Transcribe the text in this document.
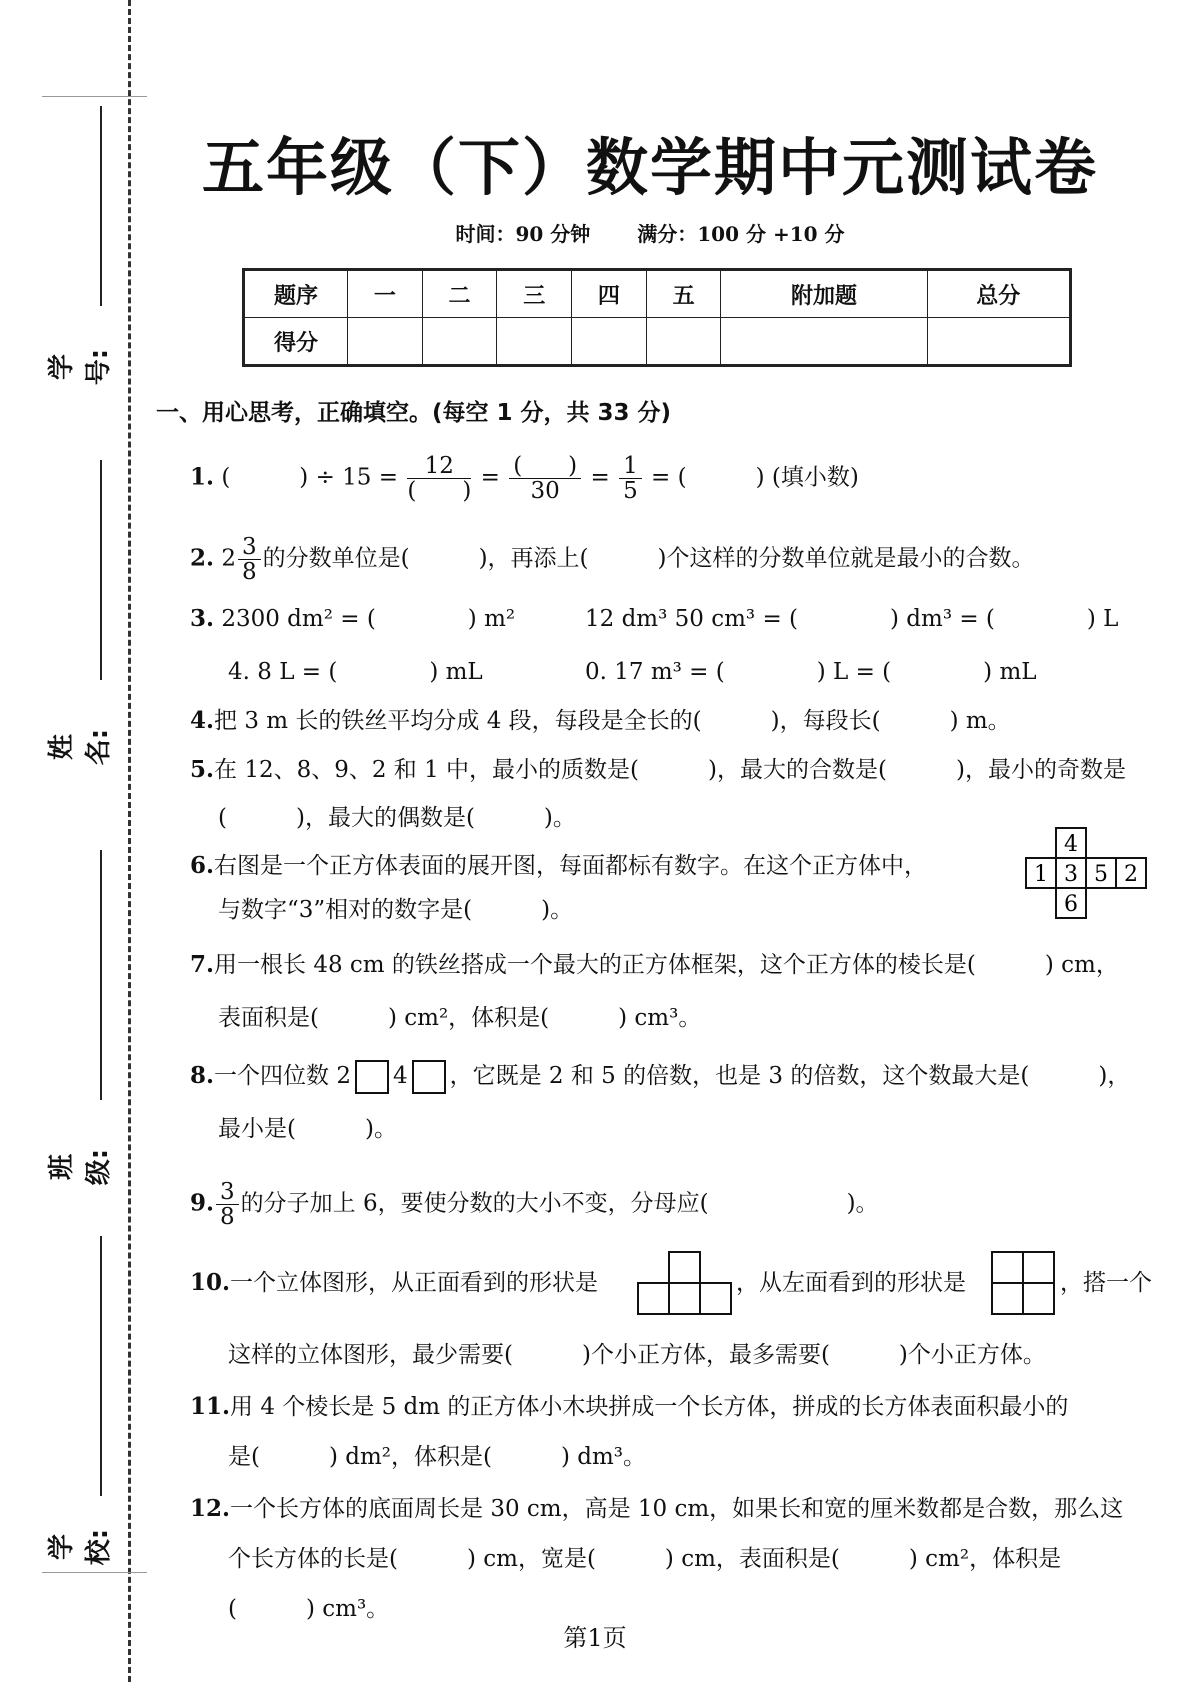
学号:
姓名:
班级:
学校:
五年级（下）数学期中元测试卷
时间：90 分钟 满分：100 分 +10 分
题序	一	二	三	四	五	附加题	总分
得分							
一、用心思考，正确填空。(每空 1 分，共 33 分)
1. (　　　) ÷ $15 = \frac{12}{( )} = \frac{( )}{30} = \frac{1}{5}$ = (　　　) (填小数)
2. $2 \frac{3}{8}$ 的分数单位是(　　　)，再添上(　　　)个这样的分数单位就是最小的合数。
3. 2300 dm² = (　　　　) m²	12 dm³ 50 cm³ = (　　　　) dm³ = (　　　　) L
4. 8 L = (　　　　) mL	0. 17 m³ = (　　　　) L = (　　　　) mL
4.把 3 m 长的铁丝平均分成 4 段，每段是全长的(　　　)，每段长(　　　) m。
5.在 12、8、9、2 和 1 中，最小的质数是(　　　)，最大的合数是(　　　)，最小的奇数是
(　　　)，最大的偶数是(　　　)。
6.右图是一个正方体表面的展开图，每面都标有数字。在这个正方体中，
与数字“3”相对的数字是(　　　)。
4
1 3 5 2
6
7.用一根长 48 cm 的铁丝搭成一个最大的正方体框架，这个正方体的棱长是(　　　) cm，
表面积是(　　　) cm²，体积是(　　　) cm³。
8.一个四位数 2 4 ，它既是 2 和 5 的倍数，也是 3 的倍数，这个数最大是(　　　)，
最小是(　　　)。
9. $\frac{3}{8}$ 的分子加上 6，要使分数的大小不变，分母应(　　　　　　)。
10.一个立体图形，从正面看到的形状是	，从左面看到的形状是	，搭一个
这样的立体图形，最少需要(　　　)个小正方体，最多需要(　　　)个小正方体。
11.用 4 个棱长是 5 dm 的正方体小木块拼成一个长方体，拼成的长方体表面积最小的
是(　　　) dm²，体积是(　　　) dm³。
12.一个长方体的底面周长是 30 cm，高是 10 cm，如果长和宽的厘米数都是合数，那么这
个长方体的长是(　　　) cm，宽是(　　　) cm，表面积是(　　　) cm²，体积是
(　　　) cm³。
第1页
